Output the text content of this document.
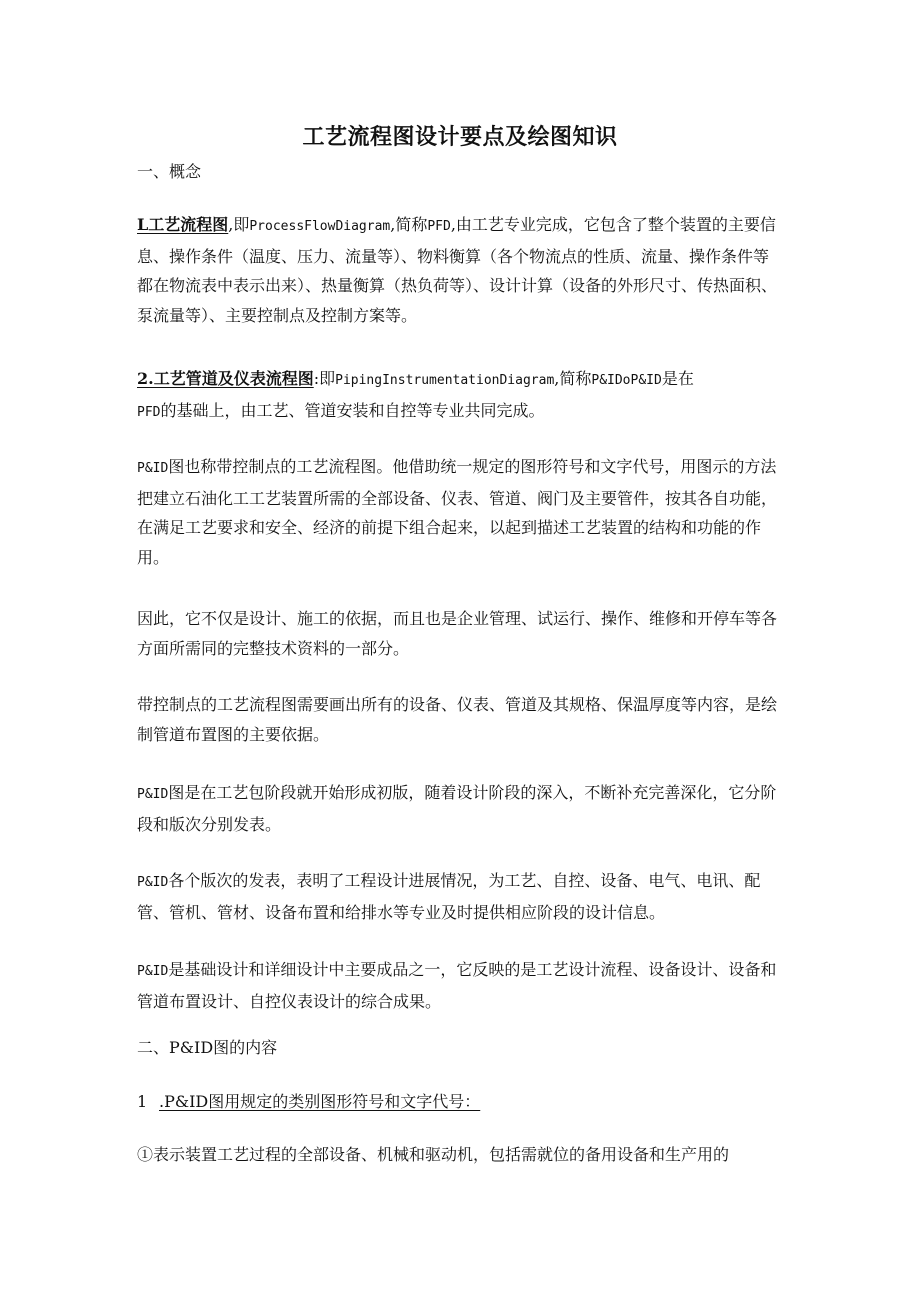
工艺流程图设计要点及绘图知识

一、概念

L工艺流程图,即ProcessFlowDiagram,简称PFD,由工艺专业完成，它包含了整个装置的主要信息、操作条件（温度、压力、流量等）、物料衡算（各个物流点的性质、流量、操作条件等都在物流表中表示出来）、热量衡算（热负荷等）、设计计算（设备的外形尺寸、传热面积、泵流量等）、主要控制点及控制方案等。

2.工艺管道及仪表流程图:即PipingInstrumentationDiagram,简称P&IDoP&ID是在
PFD的基础上，由工艺、管道安装和自控等专业共同完成。

P&ID图也称带控制点的工艺流程图。他借助统一规定的图形符号和文字代号，用图示的方法把建立石油化工工艺装置所需的全部设备、仪表、管道、阀门及主要管件，按其各自功能，在满足工艺要求和安全、经济的前提下组合起来，以起到描述工艺装置的结构和功能的作用。

因此，它不仅是设计、施工的依据，而且也是企业管理、试运行、操作、维修和开停车等各方面所需同的完整技术资料的一部分。

带控制点的工艺流程图需要画出所有的设备、仪表、管道及其规格、保温厚度等内容，是绘制管道布置图的主要依据。

P&ID图是在工艺包阶段就开始形成初版，随着设计阶段的深入，不断补充完善深化，它分阶段和版次分别发表。

P&ID各个版次的发表，表明了工程设计进展情况，为工艺、自控、设备、电气、电讯、配管、管机、管材、设备布置和给排水等专业及时提供相应阶段的设计信息。

P&ID是基础设计和详细设计中主要成品之一，它反映的是工艺设计流程、设备设计、设备和管道布置设计、自控仪表设计的综合成果。

二、P&ID图的内容

1 .P&ID图用规定的类别图形符号和文字代号：

①表示装置工艺过程的全部设备、机械和驱动机，包括需就位的备用设备和生产用的
